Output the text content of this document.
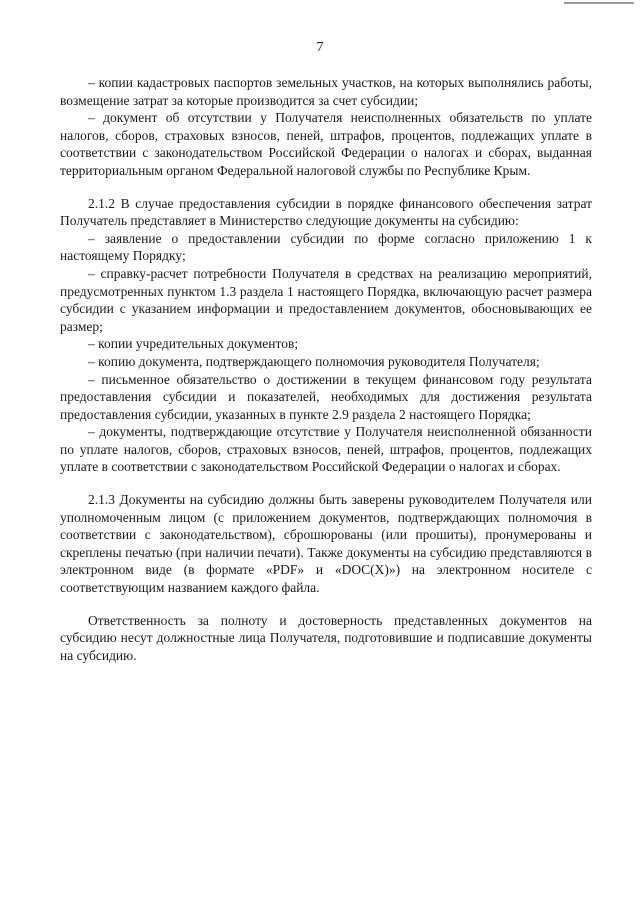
7

– копии кадастровых паспортов земельных участков, на которых выполнялись работы, возмещение затрат за которые производится за счет субсидии;

– документ об отсутствии у Получателя неисполненных обязательств по уплате налогов, сборов, страховых взносов, пеней, штрафов, процентов, подлежащих уплате в соответствии с законодательством Российской Федерации о налогах и сборах, выданная территориальным органом Федеральной налоговой службы по Республике Крым.

2.1.2 В случае предоставления субсидии в порядке финансового обеспечения затрат Получатель представляет в Министерство следующие документы на субсидию:

– заявление о предоставлении субсидии по форме согласно приложению 1 к настоящему Порядку;

– справку-расчет потребности Получателя в средствах на реализацию мероприятий, предусмотренных пунктом 1.3 раздела 1 настоящего Порядка, включающую расчет размера субсидии с указанием информации и предоставлением документов, обосновывающих ее размер;

– копии учредительных документов;

– копию документа, подтверждающего полномочия руководителя Получателя;

– письменное обязательство о достижении в текущем финансовом году результата предоставления субсидии и показателей, необходимых для достижения результата предоставления субсидии, указанных в пункте 2.9 раздела 2 настоящего Порядка;

– документы, подтверждающие отсутствие у Получателя неисполненной обязанности по уплате налогов, сборов, страховых взносов, пеней, штрафов, процентов, подлежащих уплате в соответствии с законодательством Российской Федерации о налогах и сборах.

2.1.3 Документы на субсидию должны быть заверены руководителем Получателя или уполномоченным лицом (с приложением документов, подтверждающих полномочия в соответствии с законодательством), сброшюрованы (или прошиты), пронумерованы и скреплены печатью (при наличии печати). Также документы на субсидию представляются в электронном виде (в формате «PDF» и «DOC(X)») на электронном носителе с соответствующим названием каждого файла.

Ответственность за полноту и достоверность представленных документов на субсидию несут должностные лица Получателя, подготовившие и подписавшие документы на субсидию.
